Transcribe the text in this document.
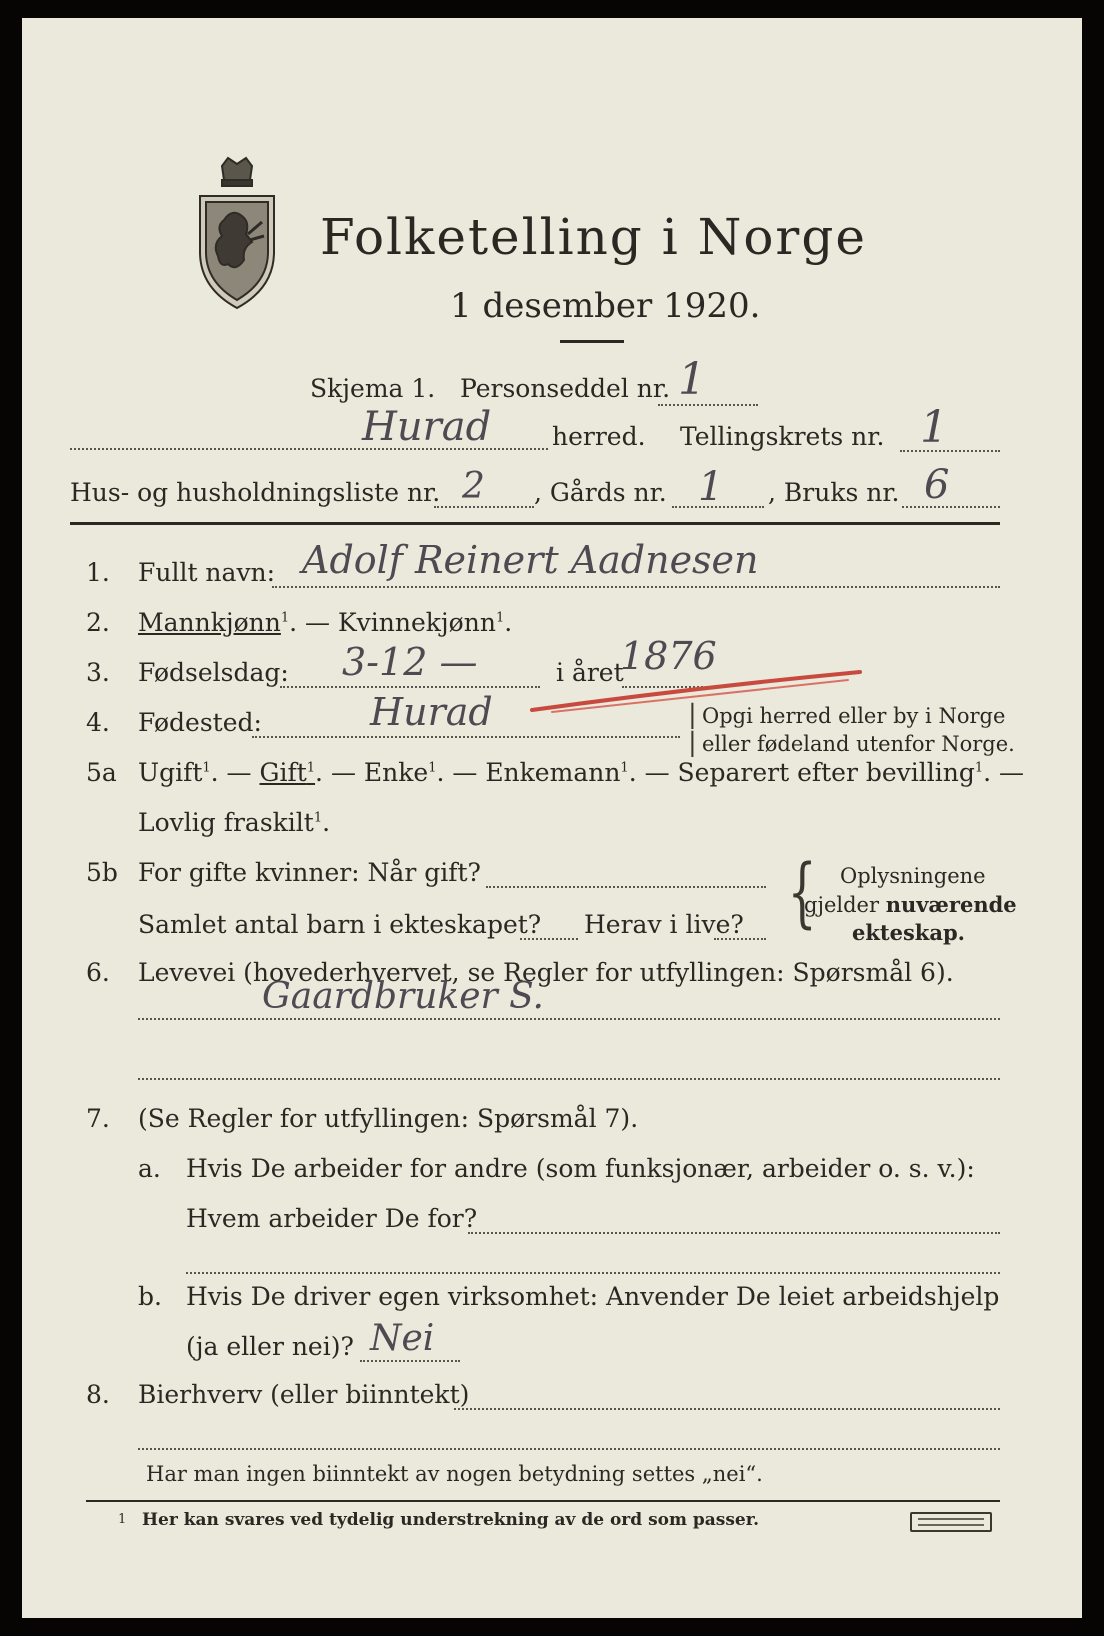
Folketelling i Norge
1 desember 1920.
Skjema 1. Personseddel nr. 1
Hurad herred. Tellingskrets nr. 1
Hus- og husholdningsliste nr. 2 , Gårds nr. 1 , Bruks nr. 6
1. Fullt navn: Adolf Reinert Aadnesen
2. Mannkjønn$^1$. — Kvinnekjønn$^1$.
3. Fødselsdag: 3-12 —	i året
1876
4. Fødested:	Hurad	|
|
Opgi herred eller by i Norge
eller fødeland utenfor Norge.
5a Ugift$^1$. — Gift$^1$. — Enke$^1$. — Enkemann$^1$. — Separert efter bevilling$^1$. —
Lovlig fraskilt$^1$.
5b For gifte kvinner: Når gift?
Samlet antal barn i ekteskapet? Herav i live? { Oplysningene
gjelder nuværende
ekteskap.
6. Levevei (hovederhvervet, se Regler for utfyllingen: Spørsmål 6).
Gaardbruker S.
7. (Se Regler for utfyllingen: Spørsmål 7).
a. Hvis De arbeider for andre (som funksjonær, arbeider o. s. v.):
Hvem arbeider De for?
b. Hvis De driver egen virksomhet: Anvender De leiet arbeidshjelp
(ja eller nei)? Nei
8. Bierhverv (eller biinntekt)
Har man ingen biinntekt av nogen betydning settes „nei“.
1 Her kan svares ved tydelig understrekning av de ord som passer.
